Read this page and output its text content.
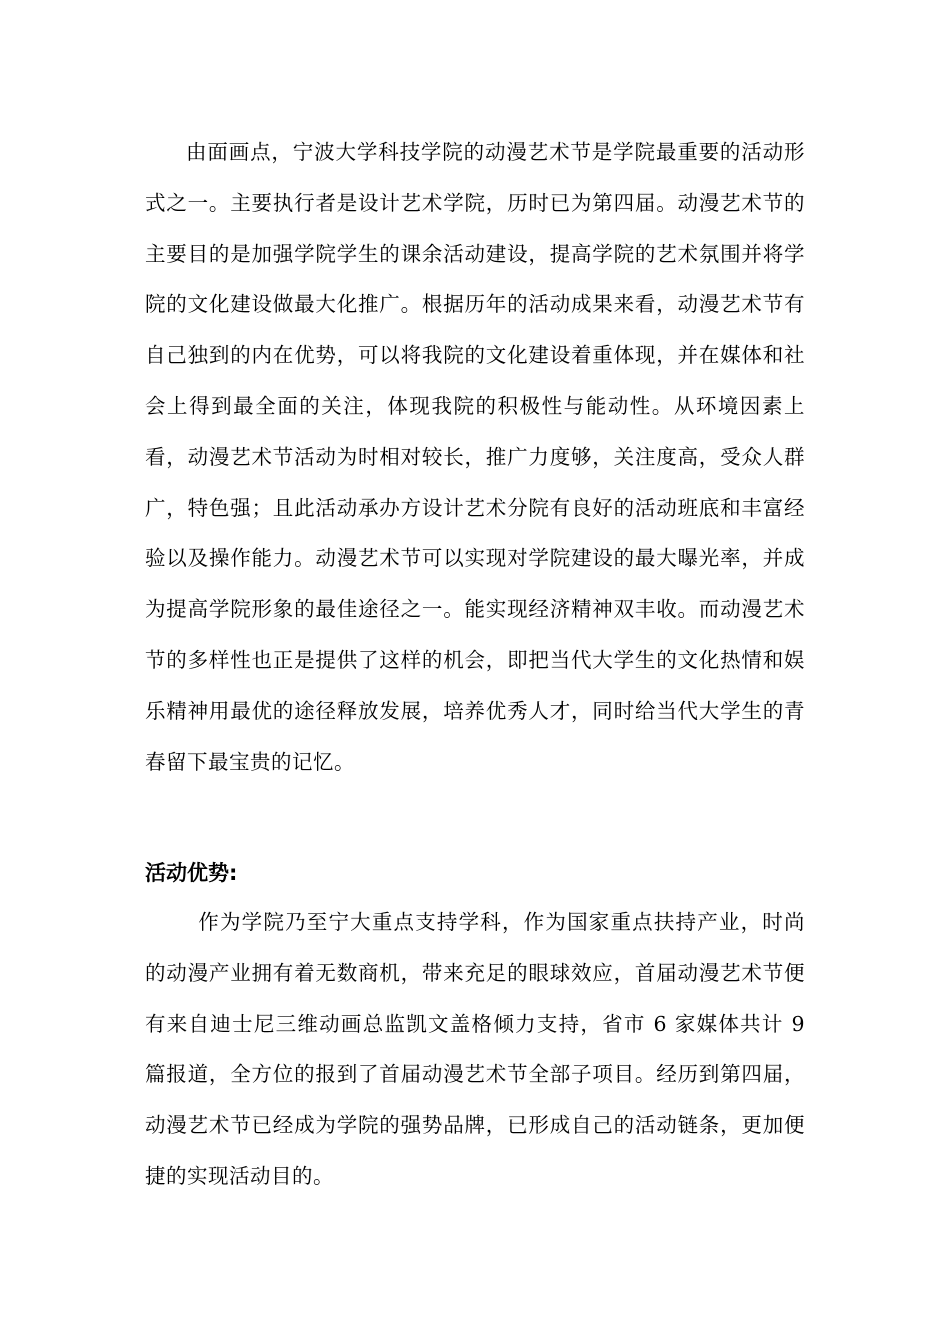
由面画点，宁波大学科技学院的动漫艺术节是学院最重要的活动形式之一。主要执行者是设计艺术学院，历时已为第四届。动漫艺术节的主要目的是加强学院学生的课余活动建设，提高学院的艺术氛围并将学院的文化建设做最大化推广。根据历年的活动成果来看，动漫艺术节有自己独到的内在优势，可以将我院的文化建设着重体现，并在媒体和社会上得到最全面的关注，体现我院的积极性与能动性。从环境因素上看，动漫艺术节活动为时相对较长，推广力度够，关注度高，受众人群广，特色强；且此活动承办方设计艺术分院有良好的活动班底和丰富经验以及操作能力。动漫艺术节可以实现对学院建设的最大曝光率，并成为提高学院形象的最佳途径之一。能实现经济精神双丰收。而动漫艺术节的多样性也正是提供了这样的机会，即把当代大学生的文化热情和娱乐精神用最优的途径释放发展，培养优秀人才，同时给当代大学生的青春留下最宝贵的记忆。

活动优势:

作为学院乃至宁大重点支持学科，作为国家重点扶持产业，时尚的动漫产业拥有着无数商机，带来充足的眼球效应，首届动漫艺术节便有来自迪士尼三维动画总监凯文盖格倾力支持，省市 6 家媒体共计 9 篇报道，全方位的报到了首届动漫艺术节全部子项目。经历到第四届，动漫艺术节已经成为学院的强势品牌，已形成自己的活动链条，更加便捷的实现活动目的。
